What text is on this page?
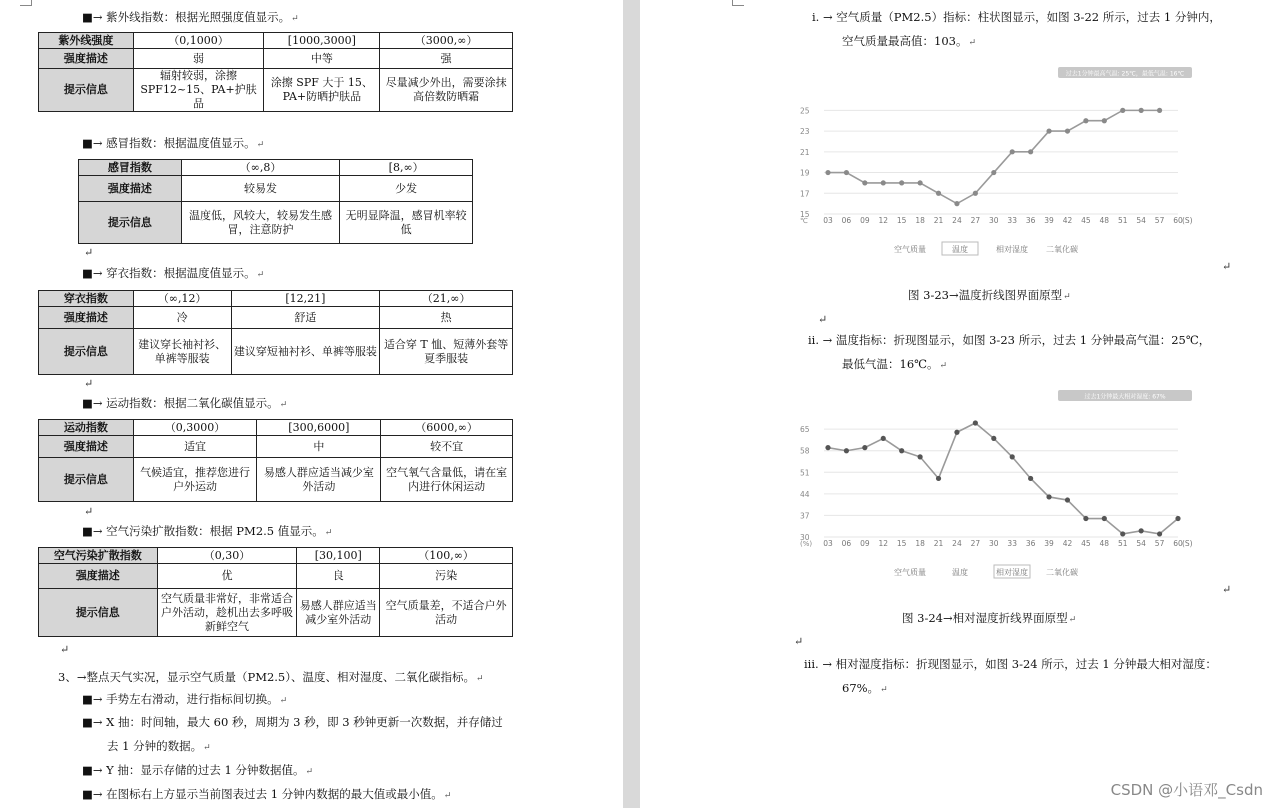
■→ 紫外线指数：根据光照强度值显示。↵
紫外线强度	（0,1000）	[1000,3000]	（3000,∞）
强度描述	弱	中等	强
提示信息	辐射较弱，涂擦SPF12~15、PA+护肤品	涂擦 SPF 大于 15、PA+防晒护肤品	尽量减少外出，需要涂抹高倍数防晒霜
■→ 感冒指数：根据温度值显示。↵
感冒指数	（∞,8）	[8,∞）
强度描述	较易发	少发
提示信息	温度低，风较大，较易发生感冒，注意防护	无明显降温，感冒机率较低
↵
■→ 穿衣指数：根据温度值显示。↵
穿衣指数	（∞,12）	[12,21]	（21,∞）
强度描述	冷	舒适	热
提示信息	建议穿长袖衬衫、单裤等服装	建议穿短袖衬衫、单裤等服装	适合穿 T 恤、短薄外套等夏季服装
↵
■→ 运动指数：根据二氧化碳值显示。↵
运动指数	（0,3000）	[300,6000]	（6000,∞）
强度描述	适宜	中	较不宜
提示信息	气候适宜，推荐您进行户外运动	易感人群应适当减少室外活动	空气氧气含量低，请在室内进行休闲运动
↵
■→ 空气污染扩散指数：根据 PM2.5 值显示。↵
空气污染扩散指数	（0,30）	[30,100]	（100,∞）
强度描述	优	良	污染
提示信息	空气质量非常好，非常适合户外活动，趁机出去多呼吸新鲜空气	易感人群应适当减少室外活动	空气质量差，不适合户外活动
↵
3、→整点天气实况，显示空气质量（PM2.5）、温度、相对湿度、二氧化碳指标。↵
■→ 手势左右滑动，进行指标间切换。↵
■→ X 抽：时间轴，最大 60 秒，周期为 3 秒，即 3 秒钟更新一次数据，并存储过
去 1 分钟的数据。↵
■→ Y 抽：显示存储的过去 1 分钟数据值。↵
■→ 在图标右上方显示当前图表过去 1 分钟内数据的最大值或最小值。↵
i. → 空气质量（PM2.5）指标：柱状图显示，如图 3-22 所示，过去 1 分钟内，
空气质量最高值：103。↵
过去1分钟最高气温: 25℃，最低气温: 16℃
15
17
19
21
23
25
℃ 03 06 09 12 15 18 21 24 27 30 33 36 39 42 45 48 51 54 57 60 (S)
空气质量	温度	相对湿度 二氧化碳
↵
图 3-23→温度折线图界面原型↵
↵
ii. → 温度指标：折现图显示，如图 3-23 所示，过去 1 分钟最高气温：25℃，
最低气温：16℃。↵
过去1分钟最大相对湿度: 67%
30
37
44
51
58
65
(%) 03 06 09 12 15 18 21 24 27 30 33 36 39 42 45 48 51 54 57 60 (S)
空气质量	温度	相对湿度 二氧化碳
↵
图 3-24→相对湿度折线界面原型↵
↵
iii. → 相对湿度指标：折现图显示，如图 3-24 所示，过去 1 分钟最大相对湿度：
67%。↵
CSDN @小语邓_Csdn
